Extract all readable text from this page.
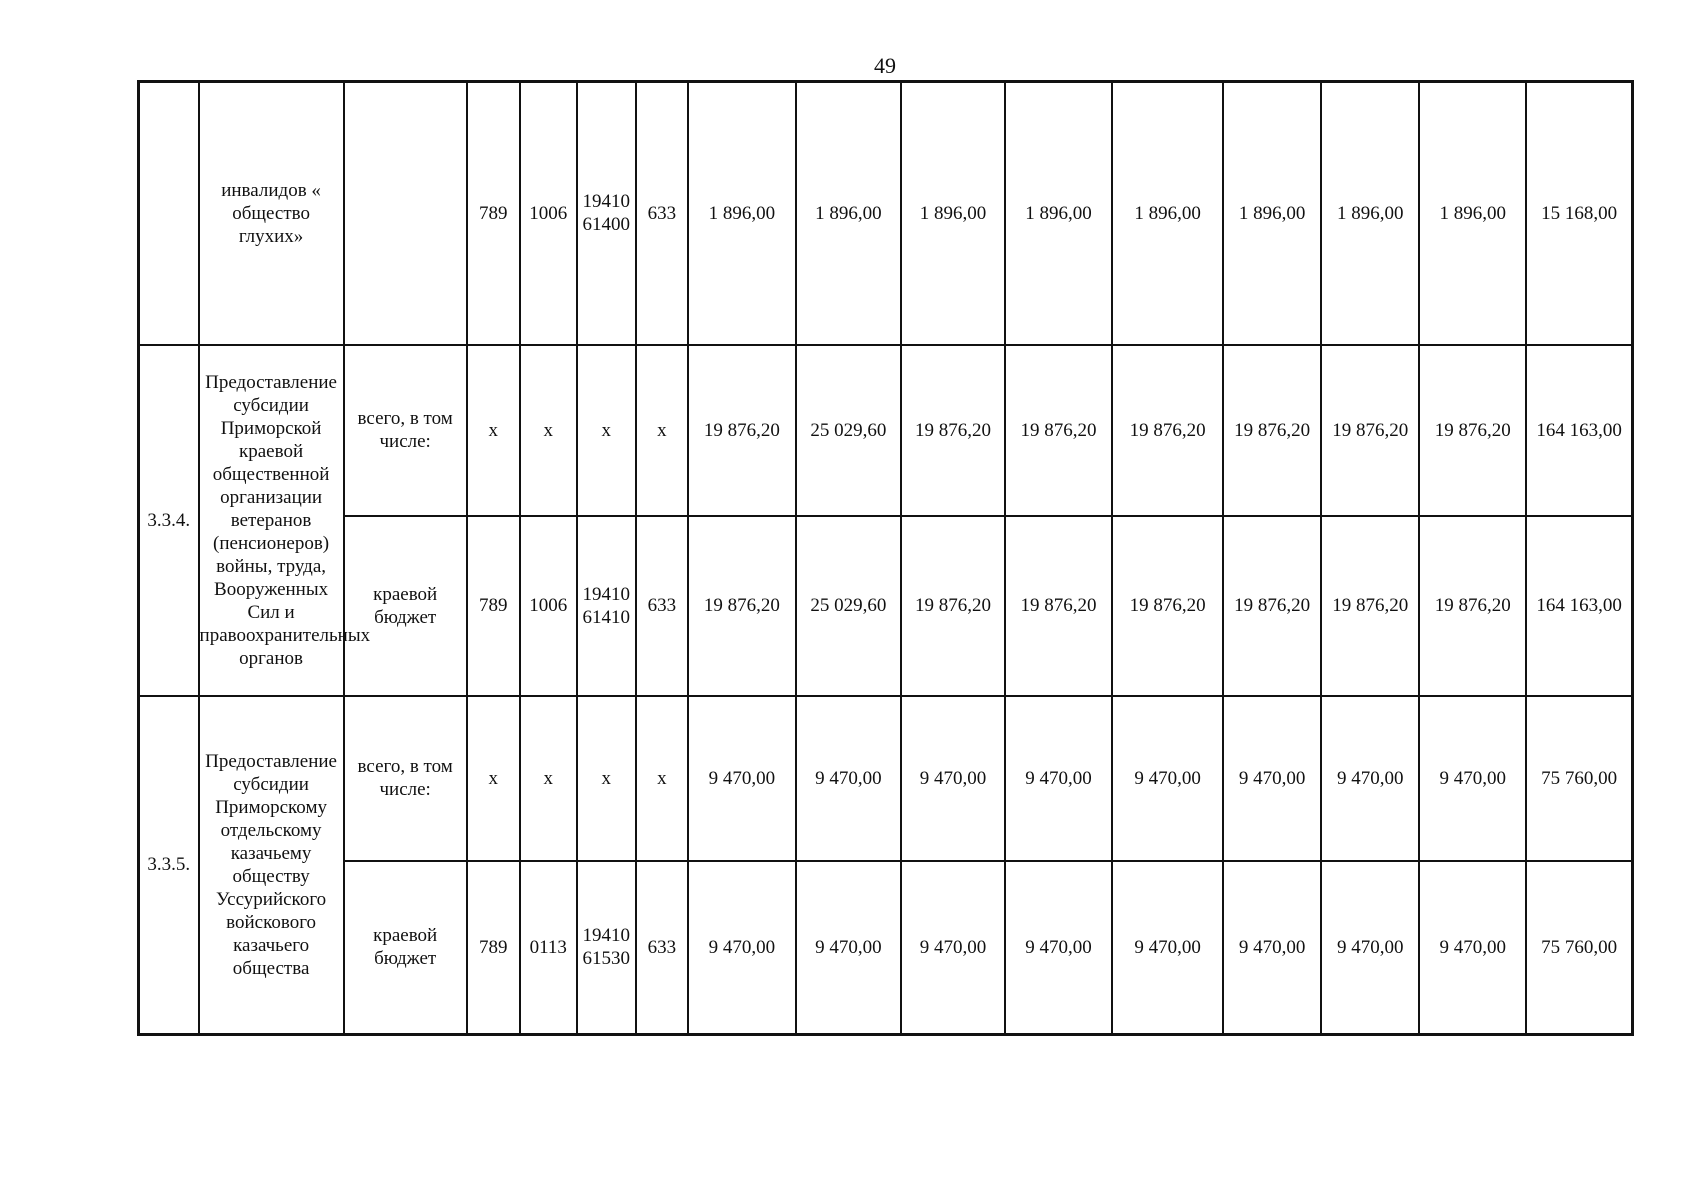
49
	инвалидов « общество глухих»		789	1006	19410 61400	633	1 896,00	1 896,00	1 896,00	1 896,00	1 896,00	1 896,00	1 896,00	1 896,00	15 168,00
3.3.4.	Предоставление субсидии Приморской краевой общественной организации ветеранов (пенсионеров) войны, труда, Вооруженных Сил и правоохранительных органов	всего, в том числе:	x	x	x	x	19 876,20	25 029,60	19 876,20	19 876,20	19 876,20	19 876,20	19 876,20	19 876,20	164 163,00
		краевой бюджет	789	1006	19410 61410	633	19 876,20	25 029,60	19 876,20	19 876,20	19 876,20	19 876,20	19 876,20	19 876,20	164 163,00
3.3.5.	Предоставление субсидии Приморскому отдельскому казачьему обществу Уссурийского войскового казачьего общества	всего, в том числе:	x	x	x	x	9 470,00	9 470,00	9 470,00	9 470,00	9 470,00	9 470,00	9 470,00	9 470,00	75 760,00
		краевой бюджет	789	0113	19410 61530	633	9 470,00	9 470,00	9 470,00	9 470,00	9 470,00	9 470,00	9 470,00	9 470,00	75 760,00
